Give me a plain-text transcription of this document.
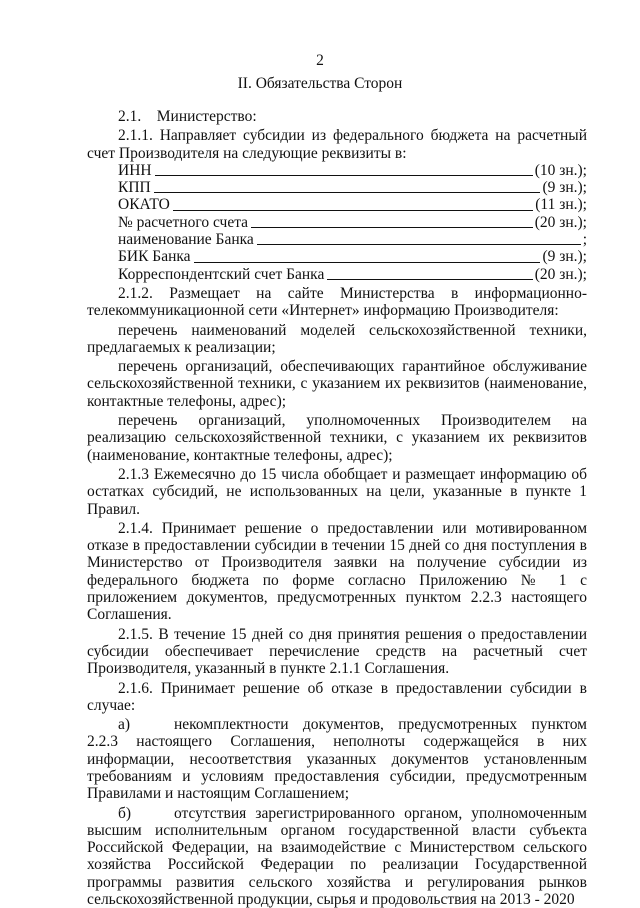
2
II. Обязательства Сторон

2.1.    Министерство:

2.1.1. Направляет субсидии из федерального бюджета на расчетный счет Производителя на следующие реквизиты в:

ИНН	(10 зн.);
КПП	(9 зн.);
ОКАТО	(11 зн.);
№ расчетного счета	(20 зн.);
наименование Банка	;
БИК Банка	(9 зн.);
Корреспондентский счет Банка	(20 зн.);

2.1.2. Размещает на сайте Министерства в информационно-телекоммуникационной сети «Интернет» информацию Производителя:

перечень наименований моделей сельскохозяйственной техники, предлагаемых к реализации;

перечень организаций, обеспечивающих гарантийное обслуживание сельскохозяйственной техники, с указанием их реквизитов (наименование, контактные телефоны, адрес);

перечень организаций, уполномоченных Производителем на реализацию сельскохозяйственной техники, с указанием их реквизитов (наименование, контактные телефоны, адрес);

2.1.3 Ежемесячно до 15 числа обобщает и размещает информацию об остатках субсидий, не использованных на цели, указанные в пункте 1 Правил.

2.1.4. Принимает решение о предоставлении или мотивированном отказе в предоставлении субсидии в течении 15 дней со дня поступления в Министерство от Производителя заявки на получение субсидии из федерального бюджета по форме согласно Приложению № 1 с приложением документов, предусмотренных пунктом 2.2.3 настоящего Соглашения.

2.1.5. В течение 15 дней со дня принятия решения о предоставлении субсидии обеспечивает перечисление средств на расчетный счет Производителя, указанный в пункте 2.1.1 Соглашения.

2.1.6. Принимает решение об отказе в предоставлении субсидии в случае:

а)	некомплектности документов, предусмотренных пунктом 2.2.3 настоящего Соглашения, неполноты содержащейся в них информации, несоответствия указанных документов установленным требованиям и условиям предоставления субсидии, предусмотренным Правилами и настоящим Соглашением;

б)	отсутствия зарегистрированного органом, уполномоченным высшим исполнительным органом государственной власти субъекта Российской Федерации, на взаимодействие с Министерством сельского хозяйства Российской Федерации по реализации Государственной программы развития сельского хозяйства и регулирования рынков сельскохозяйственной продукции, сырья и продовольствия на 2013 - 2020
